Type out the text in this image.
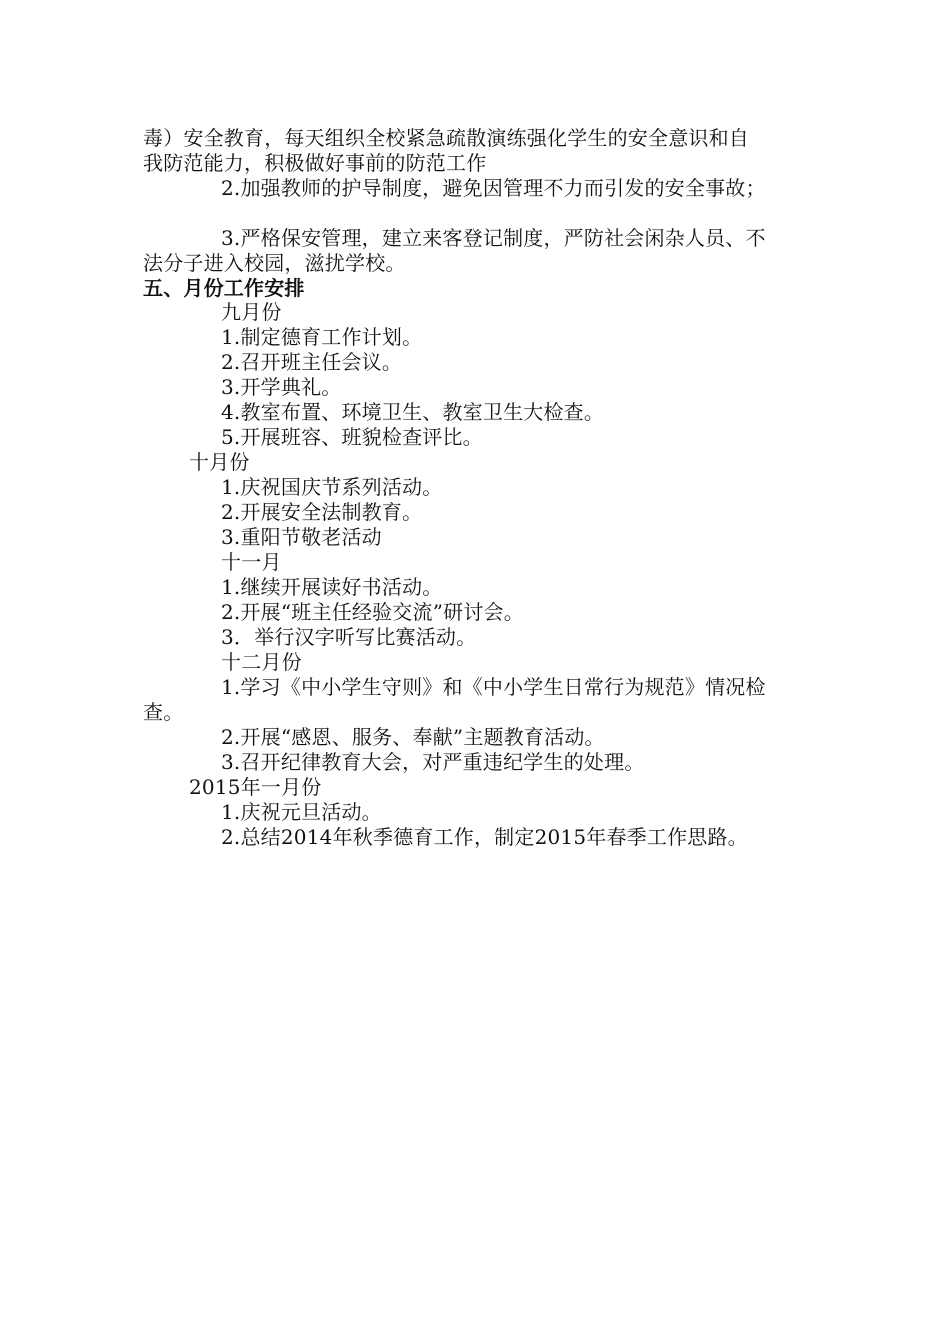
毒）安全教育，每天组织全校紧急疏散演练强化学生的安全意识和自
我防范能力，积极做好事前的防范工作
2.加强教师的护导制度，避免因管理不力而引发的安全事故；
3.严格保安管理，建立来客登记制度，严防社会闲杂人员、不
法分子进入校园，滋扰学校。
五、月份工作安排
九月份
1.制定德育工作计划。
2.召开班主任会议。
3.开学典礼。
4.教室布置、环境卫生、教室卫生大检查。
5.开展班容、班貌检查评比。
十月份
1.庆祝国庆节系列活动。
2.开展安全法制教育。
3.重阳节敬老活动
十一月
1.继续开展读好书活动。
2.开展“班主任经验交流”研讨会。
3．举行汉字听写比赛活动。
十二月份
1.学习《中小学生守则》和《中小学生日常行为规范》情况检
查。
2.开展“感恩、服务、奉献”主题教育活动。
3.召开纪律教育大会，对严重违纪学生的处理。
2015年一月份
1.庆祝元旦活动。
2.总结2014年秋季德育工作，制定2015年春季工作思路。
